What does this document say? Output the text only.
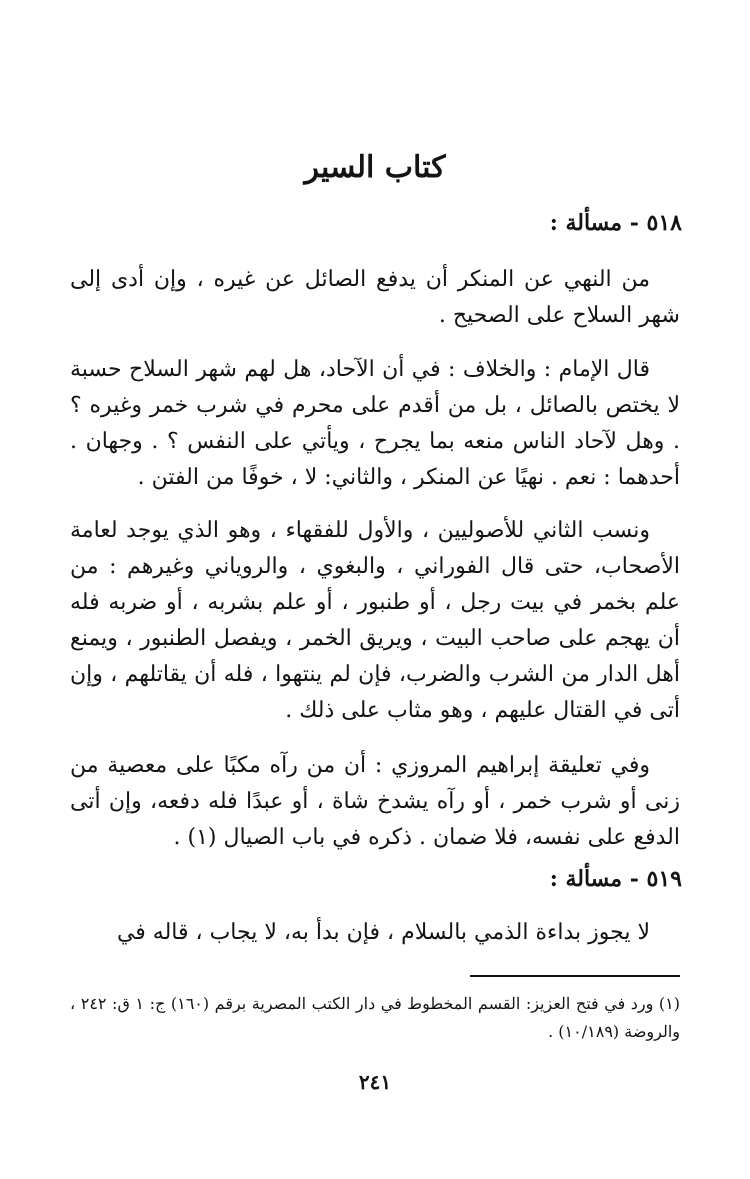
كتاب السير
٥١٨ - مسألة :
من النهي عن المنكر أن يدفع الصائل عن غيره ، وإن أدى إلى شهر السلاح على الصحيح .
قال الإمام : والخلاف : في أن الآحاد، هل لهم شهر السلاح حسبة لا يختص بالصائل ، بل من أقدم على محرم في شرب خمر وغيره ؟ . وهل لآحاد الناس منعه بما يجرح ، ويأتي على النفس ؟ . وجهان . أحدهما : نعم . نهيًا عن المنكر ، والثاني: لا ، خوفًا من الفتن .
ونسب الثاني للأصوليين ، والأول للفقهاء ، وهو الذي يوجد لعامة الأصحاب، حتى قال الفوراني ، والبغوي ، والروياني وغيرهم : من علم بخمر في بيت رجل ، أو طنبور ، أو علم بشربه ، أو ضربه فله أن يهجم على صاحب البيت ، ويريق الخمر ، ويفصل الطنبور ، ويمنع أهل الدار من الشرب والضرب، فإن لم ينتهوا ، فله أن يقاتلهم ، وإن أتى في القتال عليهم ، وهو مثاب على ذلك .
وفي تعليقة إبراهيم المروزي : أن من رآه مكبًا على معصية من زنى أو شرب خمر ، أو رآه يشدخ شاة ، أو عبدًا فله دفعه، وإن أتى الدفع على نفسه، فلا ضمان . ذكره في باب الصيال (١) .
٥١٩ - مسألة :
لا يجوز بداءة الذمي بالسلام ، فإن بدأ به، لا يجاب ، قاله في
(١) ورد في فتح العزيز: القسم المخطوط في دار الكتب المصرية برقم (١٦٠) ج: ١ ق: ٢٤٢ ، والروضة (١٠/١٨٩) .
٢٤١
